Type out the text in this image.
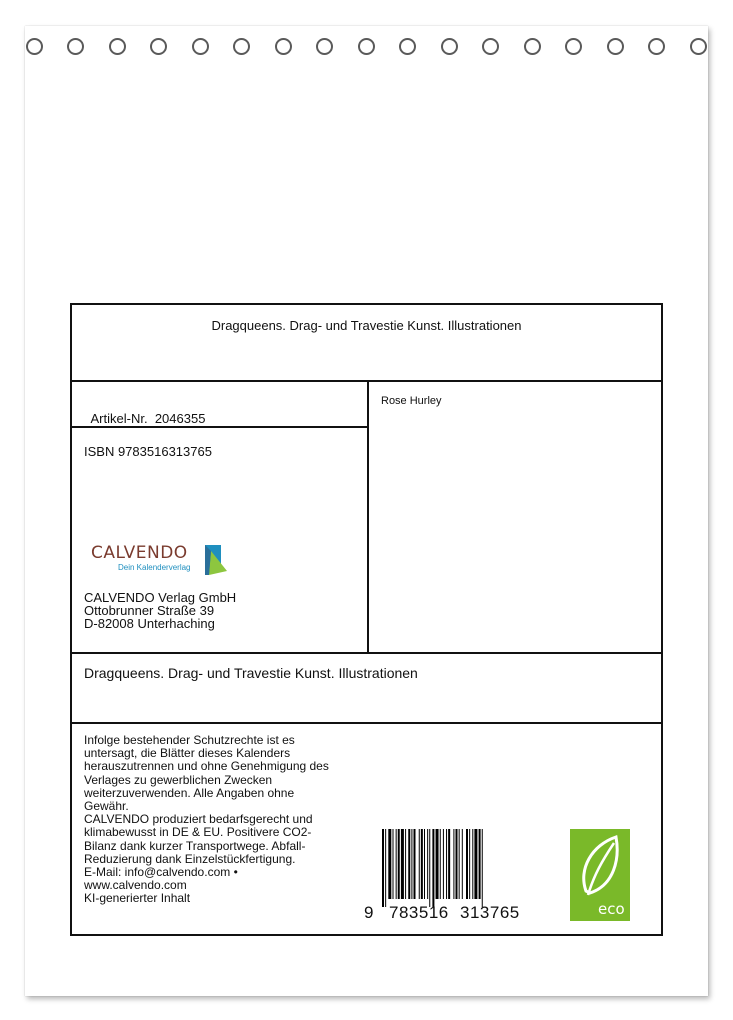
Dragqueens. Drag- und Travestie Kunst. Illustrationen

Artikel-Nr. 2046355

Rose Hurley
ISBN 9783516313765
CALVENDO
Dein Kalenderverlag
CALVENDO Verlag GmbH
Ottobrunner Straße 39
D-82008 Unterhaching
Dragqueens. Drag- und Travestie Kunst. Illustrationen
Infolge bestehender Schutzrechte ist es
untersagt, die Blätter dieses Kalenders
herauszutrennen und ohne Genehmigung des
Verlages zu gewerblichen Zwecken
weiterzuverwenden. Alle Angaben ohne
Gewähr.
CALVENDO produziert bedarfsgerecht und
klimabewusst in DE & EU. Positivere CO2-
Bilanz dank kurzer Transportwege. Abfall-
Reduzierung dank Einzelstückfertigung.
E-Mail: info@calvendo.com •
www.calvendo.com
KI-generierter Inhalt
9 783516 313765	eco
